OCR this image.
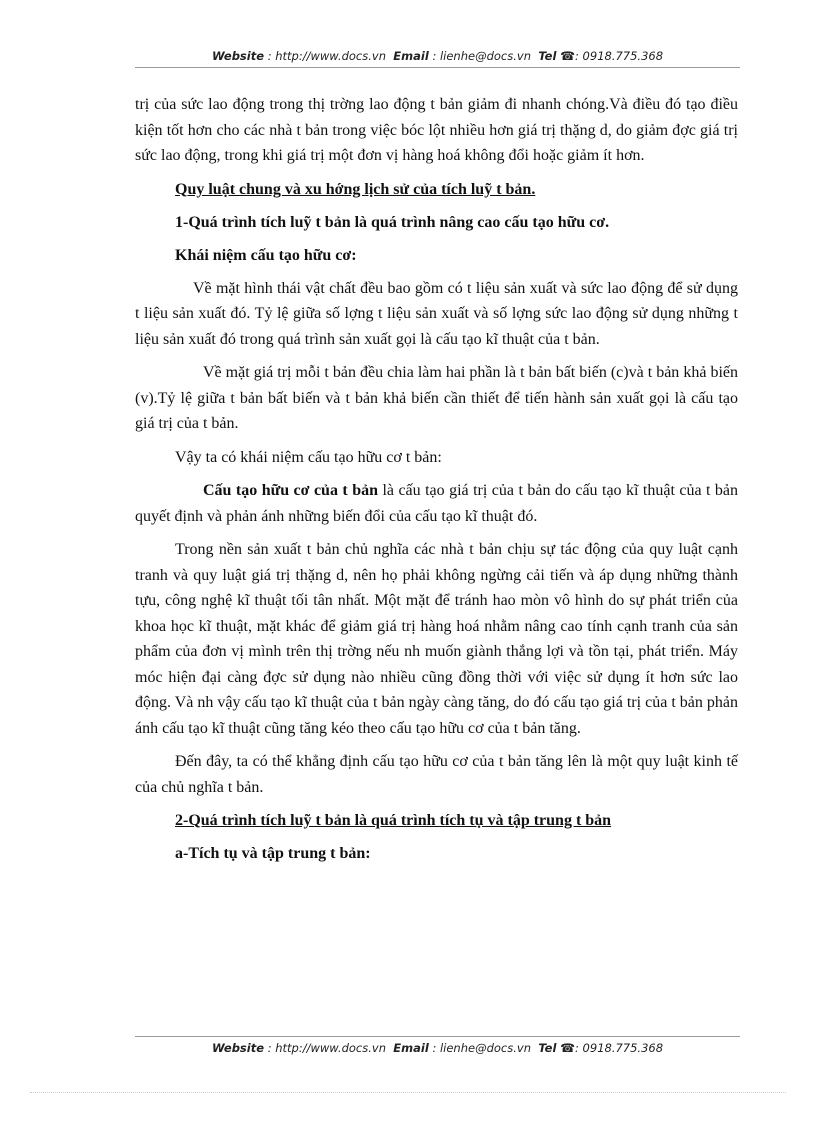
Website : http://www.docs.vn Email : lienhe@docs.vn Tel ☎: 0918.775.368

trị của sức lao động trong thị trờng lao động t bản giảm đi nhanh chóng.Và điều đó tạo điều kiện tốt hơn cho các nhà t bản trong việc bóc lột nhiều hơn giá trị thặng d, do giảm đợc giá trị sức lao động, trong khi giá trị một đơn vị hàng hoá không đổi hoặc giảm ít hơn.

Quy luật chung và xu hớng lịch sử của tích luỹ t bản.

1-Quá trình tích luỹ t bản là quá trình nâng cao cấu tạo hữu cơ.

Khái niệm cấu tạo hữu cơ:

Về mặt hình thái vật chất đều bao gồm có t liệu sản xuất và sức lao động để sử dụng t liệu sản xuất đó. Tỷ lệ giữa số lợng t liệu sản xuất và số lợng sức lao động sử dụng những t liệu sản xuất đó trong quá trình sản xuất gọi là cấu tạo kĩ thuật của t bản.

Về mặt giá trị mỗi t bản đều chia làm hai phần là t bản bất biến (c)và t bản khả biến (v).Tỷ lệ giữa t bản bất biến và t bản khả biến cần thiết để tiến hành sản xuất gọi là cấu tạo giá trị của t bản.

Vậy ta có khái niệm cấu tạo hữu cơ t bản:

Cấu tạo hữu cơ của t bản là cấu tạo giá trị của t bản do cấu tạo kĩ thuật của t bản quyết định và phản ánh những biến đổi của cấu tạo kĩ thuật đó.

Trong nền sản xuất t bản chủ nghĩa các nhà t bản chịu sự tác động của quy luật cạnh tranh và quy luật giá trị thặng d, nên họ phải không ngừng cải tiến và áp dụng những thành tựu, công nghệ kĩ thuật tối tân nhất. Một mặt để tránh hao mòn vô hình do sự phát triển của khoa học kĩ thuật, mặt khác để giảm giá trị hàng hoá nhằm nâng cao tính cạnh tranh của sản phẩm của đơn vị mình trên thị trờng nếu nh muốn giành thắng lợi và tồn tại, phát triển. Máy móc hiện đại càng đợc sử dụng nào nhiều cũng đồng thời với việc sử dụng ít hơn sức lao động. Và nh vậy cấu tạo kĩ thuật của t bản ngày càng tăng, do đó cấu tạo giá trị của t bản phản ánh cấu tạo kĩ thuật cũng tăng kéo theo cấu tạo hữu cơ của t bản tăng.

Đến đây, ta có thể khẳng định cấu tạo hữu cơ của t bản tăng lên là một quy luật kinh tế của chủ nghĩa t bản.

2-Quá trình tích luỹ t bản là quá trình tích tụ và tập trung t bản

a-Tích tụ và tập trung t bản:

Website : http://www.docs.vn Email : lienhe@docs.vn Tel ☎: 0918.775.368
